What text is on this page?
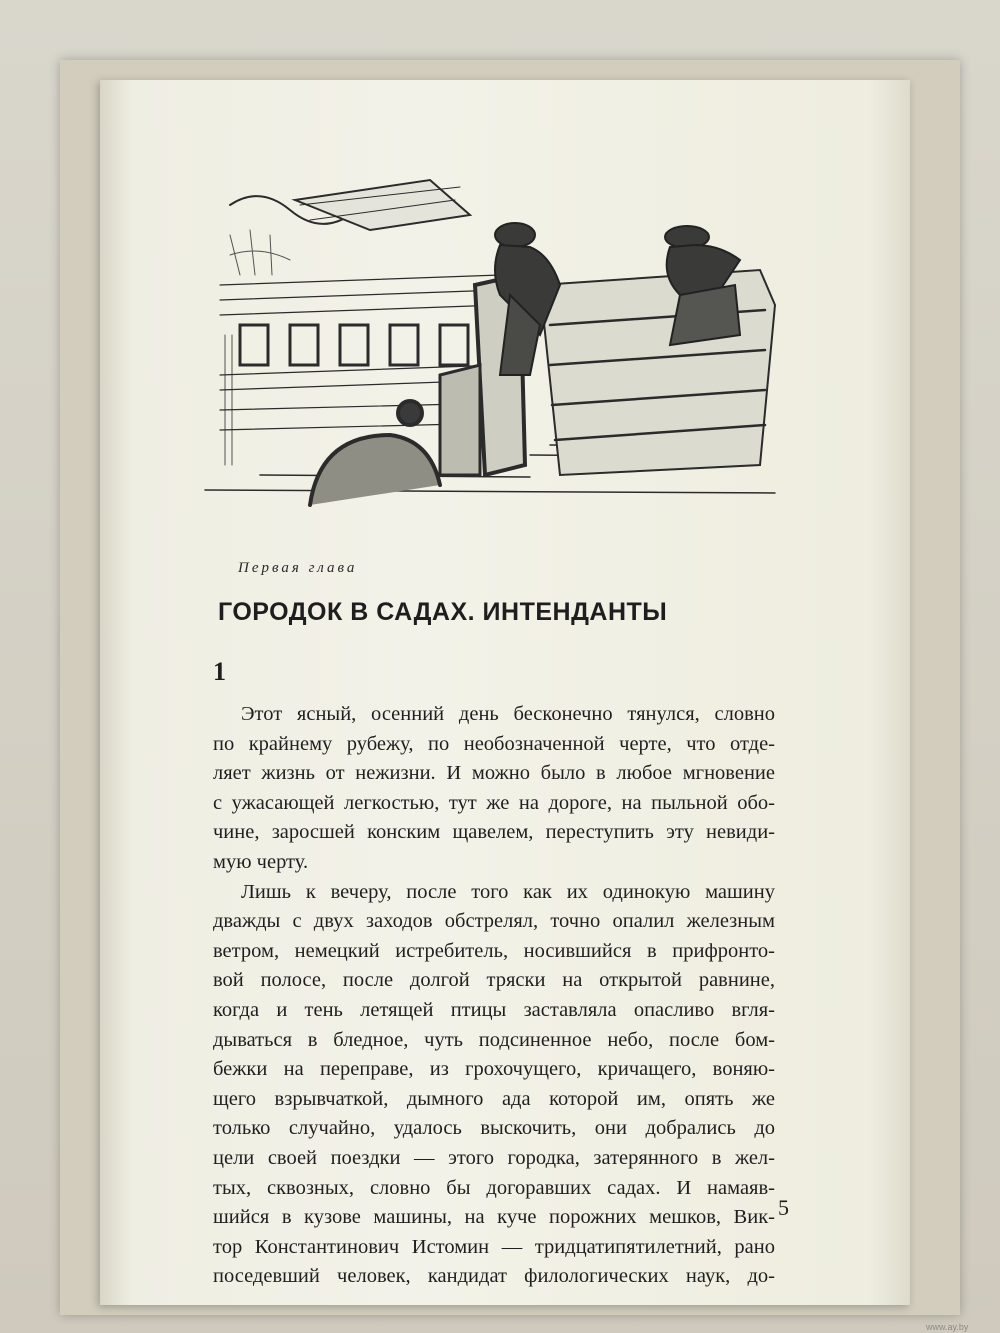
Первая глава
ГОРОДОК В САДАХ. ИНТЕНДАНТЫ
1
Этот ясный, осенний день бесконечно тянулся, словно
по крайнему рубежу, по необозначенной черте, что отде-
ляет жизнь от нежизни. И можно было в любое мгновение
с ужасающей легкостью, тут же на дороге, на пыльной обо-
чине, заросшей конским щавелем, переступить эту невиди-
мую черту.
Лишь к вечеру, после того как их одинокую машину
дважды с двух заходов обстрелял, точно опалил железным
ветром, немецкий истребитель, носившийся в прифронто-
вой полосе, после долгой тряски на открытой равнине,
когда и тень летящей птицы заставляла опасливо вгля-
дываться в бледное, чуть подсиненное небо, после бом-
бежки на переправе, из грохочущего, кричащего, воняю-
щего взрывчаткой, дымного ада которой им, опять же
только случайно, удалось выскочить, они добрались до
цели своей поездки — этого городка, затерянного в жел-
тых, сквозных, словно бы догоравших садах. И намаяв-
шийся в кузове машины, на куче порожних мешков, Вик-
тор Константинович Истомин — тридцатипятилетний, рано
поседевший человек, кандидат филологических наук, до-
5
www.ay.by
